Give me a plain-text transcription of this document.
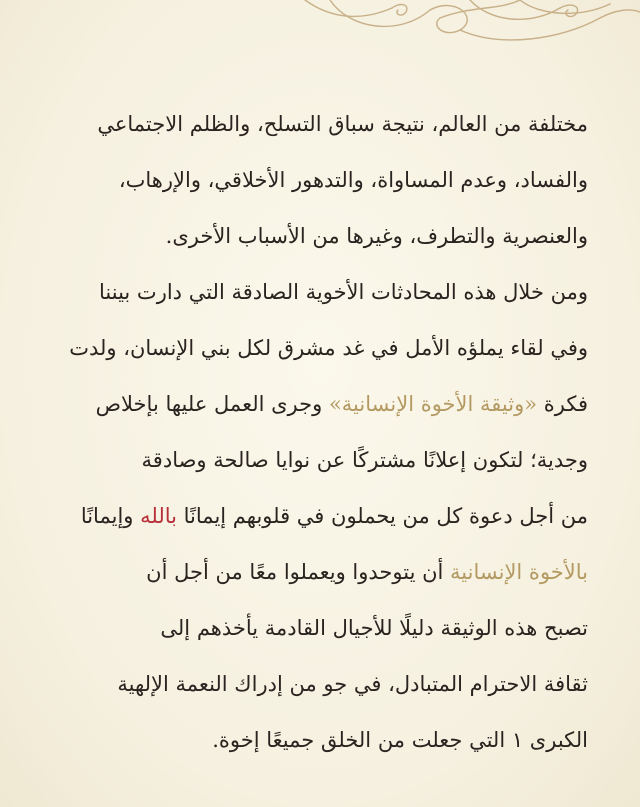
مختلفة من العالم، نتيجة سباق التسلح، والظلم الاجتماعي
والفساد، وعدم المساواة، والتدهور الأخلاقي، والإرهاب،
والعنصرية والتطرف، وغيرها من الأسباب الأخرى.
ومن خلال هذه المحادثات الأخوية الصادقة التي دارت بيننا
وفي لقاء يملؤه الأمل في غد مشرق لكل بني الإنسان، ولدت
فكرة «وثيقة الأخوة الإنسانية» وجرى العمل عليها بإخلاص
وجدية؛ لتكون إعلانًا مشتركًا عن نوايا صالحة وصادقة
من أجل دعوة كل من يحملون في قلوبهم إيمانًا بالله وإيمانًا
بالأخوة الإنسانية أن يتوحدوا ويعملوا معًا من أجل أن
تصبح هذه الوثيقة دليلًا للأجيال القادمة يأخذهم إلى
ثقافة الاحترام المتبادل، في جو من إدراك النعمة الإلهية
الكبرى ١ التي جعلت من الخلق جميعًا إخوة.
